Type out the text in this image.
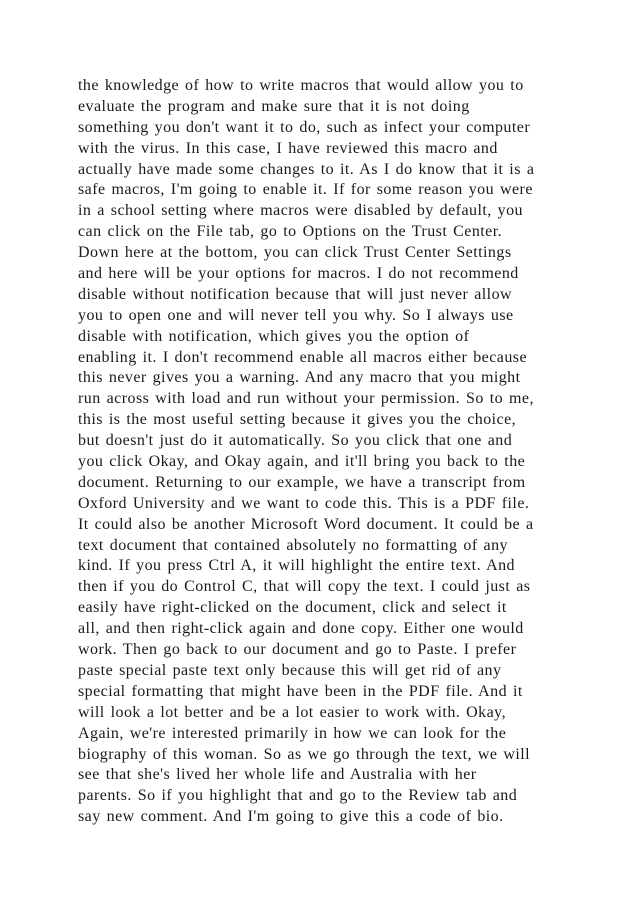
the knowledge of how to write macros that would allow you to
evaluate the program and make sure that it is not doing
something you don't want it to do, such as infect your computer
with the virus. In this case, I have reviewed this macro and
actually have made some changes to it. As I do know that it is a
safe macros, I'm going to enable it. If for some reason you were
in a school setting where macros were disabled by default, you
can click on the File tab, go to Options on the Trust Center.
Down here at the bottom, you can click Trust Center Settings
and here will be your options for macros. I do not recommend
disable without notification because that will just never allow
you to open one and will never tell you why. So I always use
disable with notification, which gives you the option of
enabling it. I don't recommend enable all macros either because
this never gives you a warning. And any macro that you might
run across with load and run without your permission. So to me,
this is the most useful setting because it gives you the choice,
but doesn't just do it automatically. So you click that one and
you click Okay, and Okay again, and it'll bring you back to the
document. Returning to our example, we have a transcript from
Oxford University and we want to code this. This is a PDF file.
It could also be another Microsoft Word document. It could be a
text document that contained absolutely no formatting of any
kind. If you press Ctrl A, it will highlight the entire text. And
then if you do Control C, that will copy the text. I could just as
easily have right-clicked on the document, click and select it
all, and then right-click again and done copy. Either one would
work. Then go back to our document and go to Paste. I prefer
paste special paste text only because this will get rid of any
special formatting that might have been in the PDF file. And it
will look a lot better and be a lot easier to work with. Okay,
Again, we're interested primarily in how we can look for the
biography of this woman. So as we go through the text, we will
see that she's lived her whole life and Australia with her
parents. So if you highlight that and go to the Review tab and
say new comment. And I'm going to give this a code of bio.
